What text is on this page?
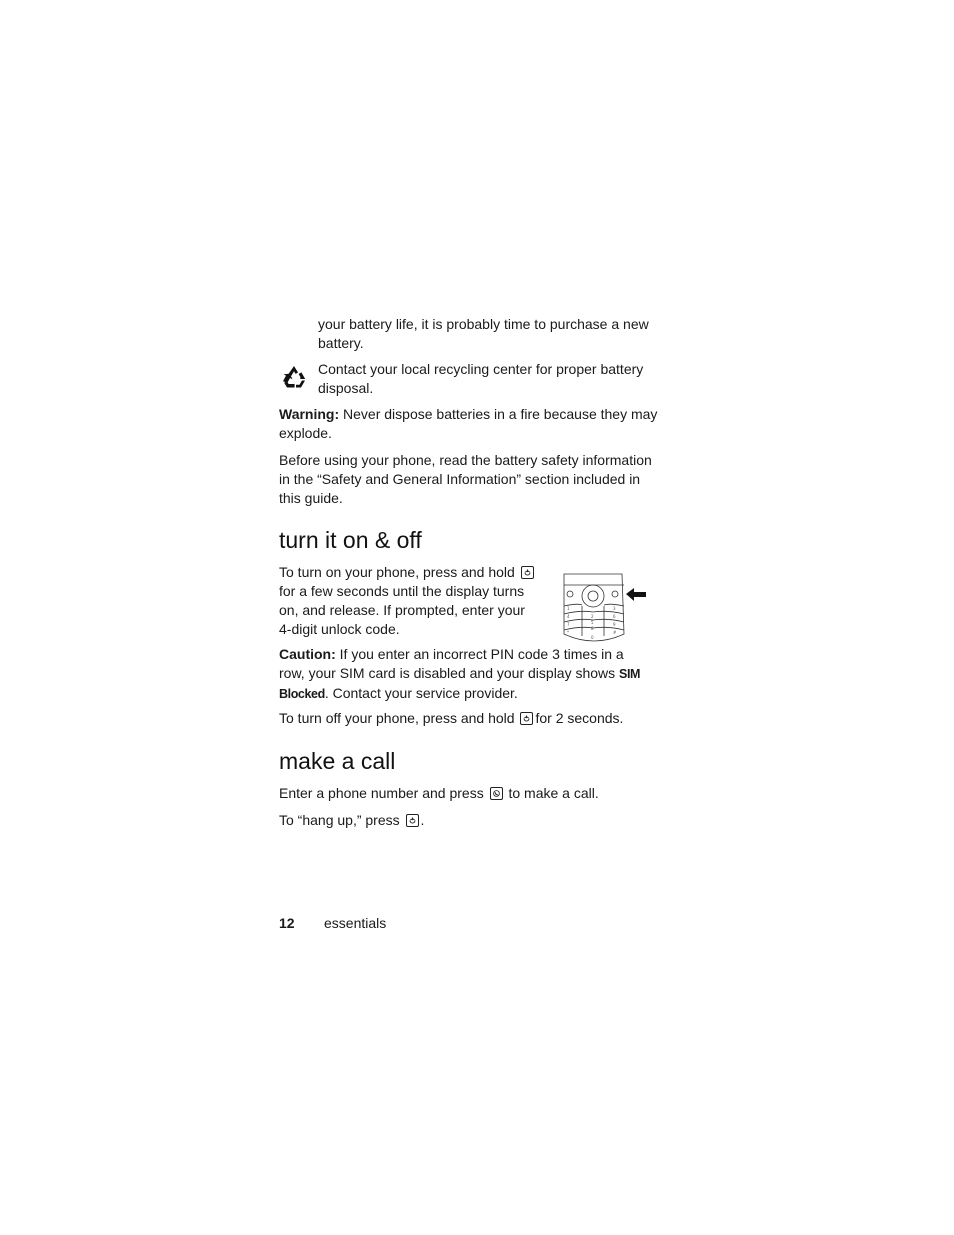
your battery life, it is probably time to purchase a new battery.

Contact your local recycling center for proper battery disposal.

Warning: Never dispose batteries in a fire because they may explode.

Before using your phone, read the battery safety information in the “Safety and General Information” section included in this guide.

turn it on & off

To turn on your phone, press and hold
for a few seconds until the display turns on, and release. If prompted, enter your 4-digit unlock code.

1
2
3
4
5
6
7
8
9
*
0
#

Caution: If you enter an incorrect PIN code 3 times in a row, your SIM card is disabled and your display shows SIM Blocked. Contact your service provider.

To turn off your phone, press and hold for 2 seconds.

make a call

Enter a phone number and press
to make a call.

To “hang up,” press .

12 essentials
